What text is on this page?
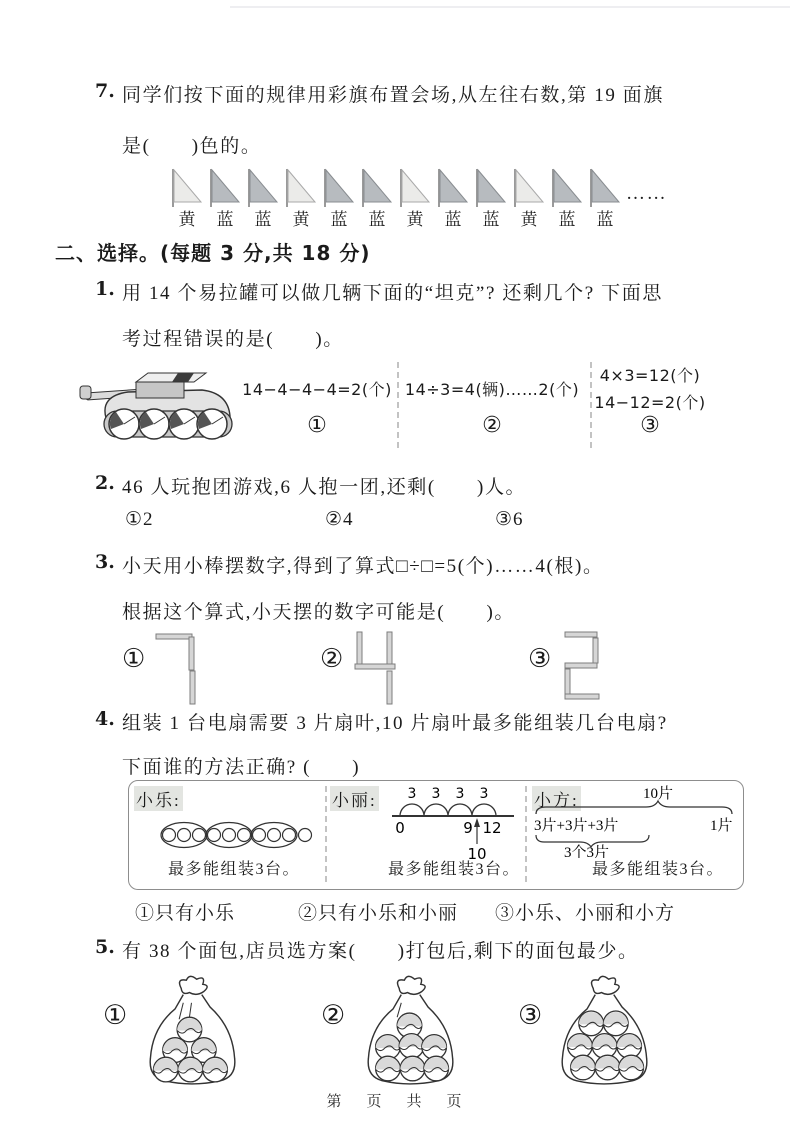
7. 同学们按下面的规律用彩旗布置会场,从左往右数,第 19 面旗
是(　　)色的。
黄	蓝	蓝	黄	蓝	蓝	黄	蓝	蓝	黄	蓝	蓝
……
二、选择。(每题 3 分,共 18 分)
1. 用 14 个易拉罐可以做几辆下面的“坦克”? 还剩几个? 下面思
考过程错误的是(　　)。
14−4−4−4=2(个)
①
14÷3=4(辆)……2(个)
②
4×3=12(个)
14−12=2(个)
③
2. 46 人玩抱团游戏,6 人抱一团,还剩(　　)人。
①2	②4	③6
3. 小天用小棒摆数字,得到了算式□÷□=5(个)……4(根)。
根据这个算式,小天摆的数字可能是(　　)。
①	②	③
4. 组装 1 台电扇需要 3 片扇叶,10 片扇叶最多能组装几台电扇?
下面谁的方法正确? (　　)
小乐:
最多能组装3台。
小丽: 3 3 3 3
0	9 12
10
最多能组装3台。
小方:	10片
3片+3片+3片	1片
3个3片
最多能组装3台。
①只有小乐	②只有小乐和小丽 ③小乐、小丽和小方
5. 有 38 个面包,店员选方案(　　)打包后,剩下的面包最少。
①	②	③
第　页　共　页
